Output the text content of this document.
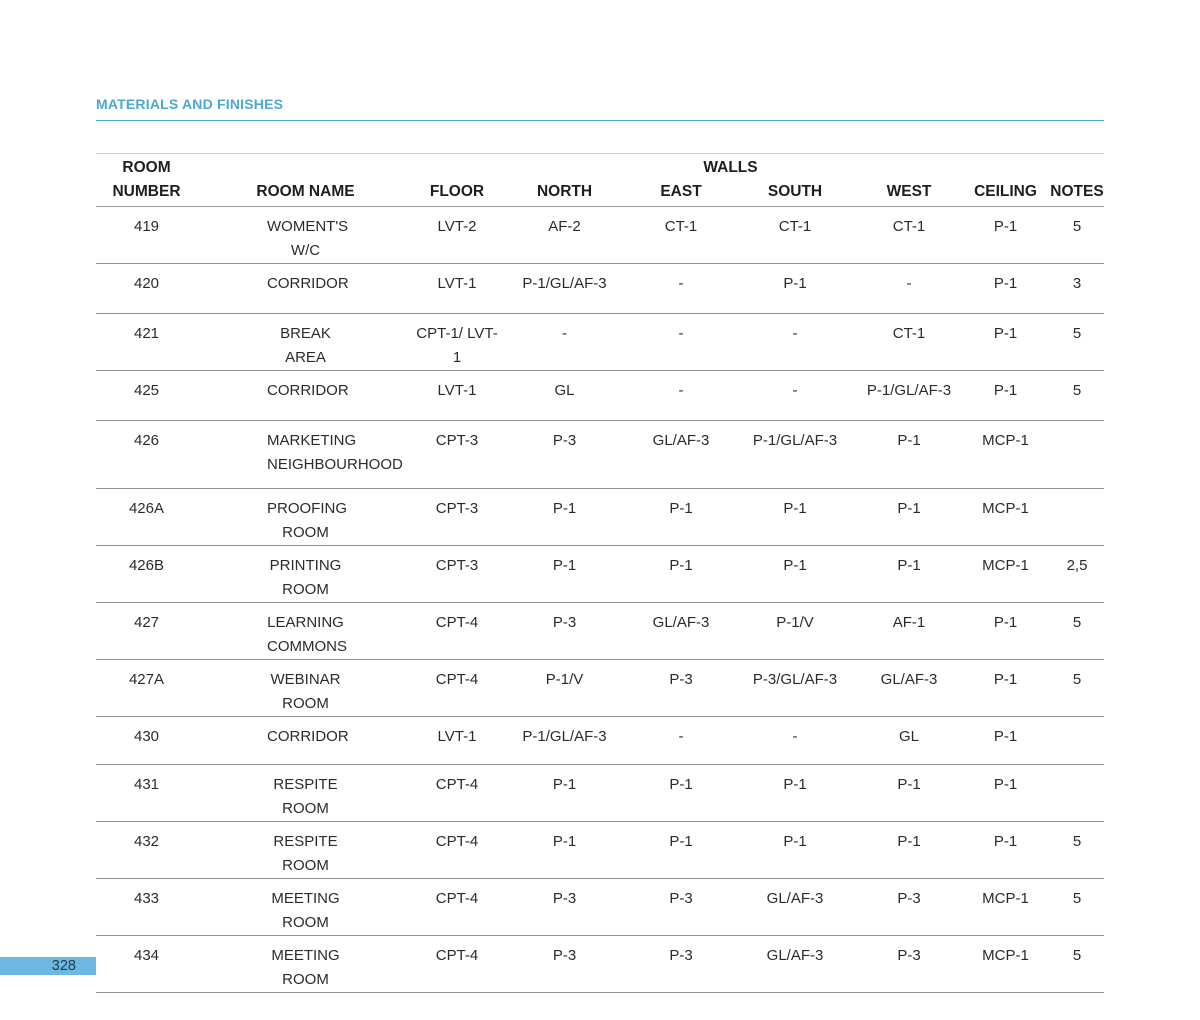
MATERIALS AND FINISHES
ROOM			WALLS					
NUMBER	ROOM NAME	FLOOR	NORTH	EAST	SOUTH	WEST	CEILING	NOTES
419	WOMENT'S W/C	LVT-2	AF-2	CT-1	CT-1	CT-1	P-1	5
420	CORRIDOR	LVT-1	P-1/GL/AF-3	-	P-1	-	P-1	3
421	BREAK AREA	CPT-1/ LVT-1	-	-	-	CT-1	P-1	5
425	CORRIDOR	LVT-1	GL	-	-	P-1/GL/AF-3	P-1	5
426	MARKETING NEIGHBOURHOOD	CPT-3	P-3	GL/AF-3	P-1/GL/AF-3	P-1	MCP-1	
426A	PROOFING ROOM	CPT-3	P-1	P-1	P-1	P-1	MCP-1	
426B	PRINTING ROOM	CPT-3	P-1	P-1	P-1	P-1	MCP-1	2,5
427	LEARNING COMMONS	CPT-4	P-3	GL/AF-3	P-1/V	AF-1	P-1	5
427A	WEBINAR ROOM	CPT-4	P-1/V	P-3	P-3/GL/AF-3	GL/AF-3	P-1	5
430	CORRIDOR	LVT-1	P-1/GL/AF-3	-	-	GL	P-1	
431	RESPITE ROOM	CPT-4	P-1	P-1	P-1	P-1	P-1	
432	RESPITE ROOM	CPT-4	P-1	P-1	P-1	P-1	P-1	5
433	MEETING ROOM	CPT-4	P-3	P-3	GL/AF-3	P-3	MCP-1	5
434	MEETING ROOM	CPT-4	P-3	P-3	GL/AF-3	P-3	MCP-1	5
328
